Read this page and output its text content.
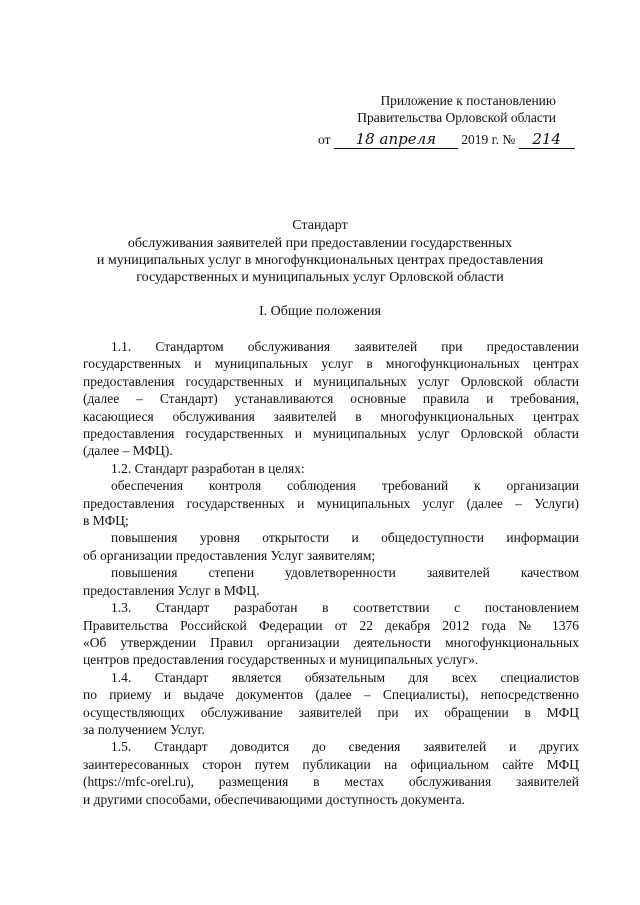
Приложение к постановлению
Правительства Орловской области
от 18 апреля 2019 г. № 214
Стандарт
обслуживания заявителей при предоставлении государственных
и муниципальных услуг в многофункциональных центрах предоставления
государственных и муниципальных услуг Орловской области
I. Общие положения

1.1. Стандартом обслуживания заявителей при предоставлении
государственных и муниципальных услуг в многофункциональных центрах
предоставления государственных и муниципальных услуг Орловской области
(далее – Стандарт) устанавливаются основные правила и требования,
касающиеся обслуживания заявителей в многофункциональных центрах
предоставления государственных и муниципальных услуг Орловской области
(далее – МФЦ).

1.2. Стандарт разработан в целях:

обеспечения контроля соблюдения требований к организации
предоставления государственных и муниципальных услуг (далее – Услуги)
в МФЦ;

повышения уровня открытости и общедоступности информации
об организации предоставления Услуг заявителям;

повышения степени удовлетворенности заявителей качеством
предоставления Услуг в МФЦ.

1.3. Стандарт разработан в соответствии с постановлением
Правительства Российской Федерации от 22 декабря 2012 года № 1376
«Об утверждении Правил организации деятельности многофункциональных
центров предоставления государственных и муниципальных услуг».

1.4. Стандарт является обязательным для всех специалистов
по приему и выдаче документов (далее – Специалисты), непосредственно
осуществляющих обслуживание заявителей при их обращении в МФЦ
за получением Услуг.

1.5. Стандарт доводится до сведения заявителей и других
заинтересованных сторон путем публикации на официальном сайте МФЦ
(https://mfc-orel.ru), размещения в местах обслуживания заявителей
и другими способами, обеспечивающими доступность документа.
